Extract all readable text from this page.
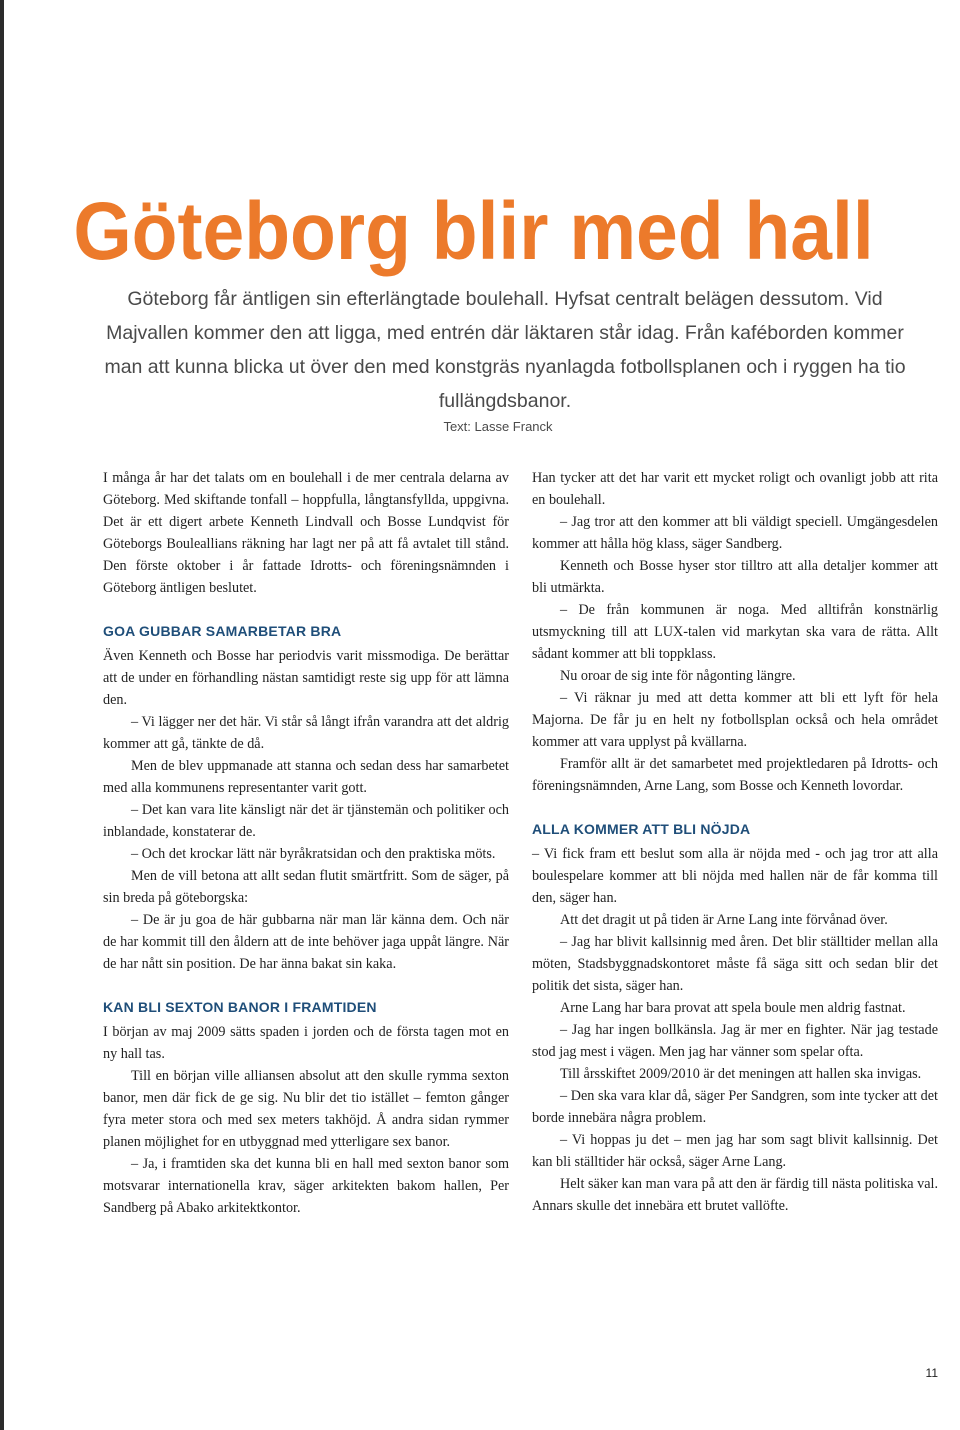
Göteborg blir med hall
Göteborg får äntligen sin efterlängtade boulehall. Hyfsat centralt belägen dessutom. Vid Majvallen kommer den att ligga, med entrén där läktaren står idag. Från kaféborden kommer man att kunna blicka ut över den med konstgräs nyanlagda fotbollsplanen och i ryggen ha tio fullängdsbanor.
Text: Lasse Franck

I många år har det talats om en boulehall i de mer centrala delarna av Göteborg. Med skiftande tonfall – hoppfulla, långtansfyllda, uppgivna. Det är ett digert arbete Kenneth Lindvall och Bosse Lundqvist för Göteborgs Bouleallians räkning har lagt ner på att få avtalet till stånd. Den förste oktober i år fattade Idrotts- och föreningsnämnden i Göteborg äntligen beslutet.

GOA GUBBAR SAMARBETAR BRA

Även Kenneth och Bosse har periodvis varit missmodiga. De berättar att de under en förhandling nästan samtidigt reste sig upp för att lämna den.

– Vi lägger ner det här. Vi står så långt ifrån varandra att det aldrig kommer att gå, tänkte de då.

Men de blev uppmanade att stanna och sedan dess har samarbetet med alla kommunens representanter varit gott.

– Det kan vara lite känsligt när det är tjänstemän och politiker och inblandade, konstaterar de.

– Och det krockar lätt när byråkratsidan och den praktiska möts.

Men de vill betona att allt sedan flutit smärtfritt. Som de säger, på sin breda på göteborgska:

– De är ju goa de här gubbarna när man lär känna dem. Och när de har kommit till den åldern att de inte behöver jaga uppåt längre. När de har nått sin position. De har änna bakat sin kaka.

KAN BLI SEXTON BANOR I FRAMTIDEN

I början av maj 2009 sätts spaden i jorden och de första tagen mot en ny hall tas.

Till en början ville alliansen absolut att den skulle rymma sexton banor, men där fick de ge sig. Nu blir det tio istället – femton gånger fyra meter stora och med sex meters takhöjd. Å andra sidan rymmer planen möjlighet for en utbyggnad med ytterligare sex banor.

– Ja, i framtiden ska det kunna bli en hall med sexton banor som motsvarar internationella krav, säger arkitekten bakom hallen, Per Sandberg på Abako arkitektkontor.

Han tycker att det har varit ett mycket roligt och ovanligt jobb att rita en boulehall.

– Jag tror att den kommer att bli väldigt speciell. Umgängesdelen kommer att hålla hög klass, säger Sandberg.

Kenneth och Bosse hyser stor tilltro att alla detaljer kommer att bli utmärkta.

– De från kommunen är noga. Med alltifrån konstnärlig utsmyckning till att LUX-talen vid markytan ska vara de rätta. Allt sådant kommer att bli toppklass.

Nu oroar de sig inte för någonting längre.

– Vi räknar ju med att detta kommer att bli ett lyft för hela Majorna. De får ju en helt ny fotbollsplan också och hela området kommer att vara upplyst på kvällarna.

Framför allt är det samarbetet med projektledaren på Idrotts- och föreningsnämnden, Arne Lang, som Bosse och Kenneth lovordar.

ALLA KOMMER ATT BLI NÖJDA

– Vi fick fram ett beslut som alla är nöjda med - och jag tror att alla boulespelare kommer att bli nöjda med hallen när de får komma till den, säger han.

Att det dragit ut på tiden är Arne Lang inte förvånad över.

– Jag har blivit kallsinnig med åren. Det blir ställtider mellan alla möten, Stadsbyggnadskontoret måste få säga sitt och sedan blir det politik det sista, säger han.

Arne Lang har bara provat att spela boule men aldrig fastnat.

– Jag har ingen bollkänsla. Jag är mer en fighter. När jag testade stod jag mest i vägen. Men jag har vänner som spelar ofta.

Till årsskiftet 2009/2010 är det meningen att hallen ska invigas.

– Den ska vara klar då, säger Per Sandgren, som inte tycker att det borde innebära några problem.

– Vi hoppas ju det – men jag har som sagt blivit kallsinnig. Det kan bli ställtider här också, säger Arne Lang.

Helt säker kan man vara på att den är färdig till nästa politiska val. Annars skulle det innebära ett brutet vallöfte.

11
